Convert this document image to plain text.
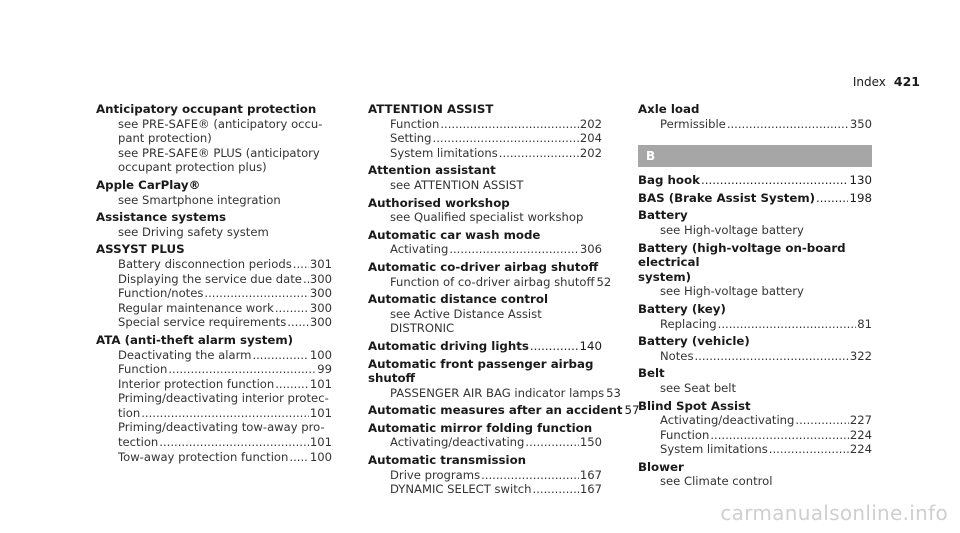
Index 421
Anticipatory occupant protection
see PRE-SAFE® (anticipatory occu-
pant protection)
see PRE-SAFE® PLUS (anticipatory
occupant protection plus)
Apple CarPlay®
see Smartphone integration
Assistance systems
see Driving safety system
ASSYST PLUS
Battery disconnection periods ..... 301
Displaying the service due date ..... 300
Function/notes .....	300
Regular maintenance work .....	300
Special service requirements ..... 300
ATA (anti-theft alarm system)
Deactivating the alarm .....	100
Function .....	99
Interior protection function .....	101
Priming/deactivating interior protec-
tion .....	101
Priming/deactivating tow-away pro-
tection .....	101
Tow-away protection function ..... 100
ATTENTION ASSIST
Function .....	202
Setting .....	204
System limitations .....	202
Attention assistant
see ATTENTION ASSIST
Authorised workshop
see Qualified specialist workshop
Automatic car wash mode
Activating .....	306
Automatic co-driver airbag shutoff
Function of co-driver airbag shutoff 52
Automatic distance control
see Active Distance Assist DISTRONIC
Automatic driving lights .....	140
Automatic front passenger airbag shutoff
PASSENGER AIR BAG indicator lamps 53
Automatic measures after an accident 57
Automatic mirror folding function
Activating/deactivating .....	150
Automatic transmission
Drive programs .....	167
DYNAMIC SELECT switch .....	167
Axle load
Permissible .....	350
B
Bag hook .....	130
BAS (Brake Assist System) .....	198
Battery
see High-voltage battery
Battery (high-voltage on-board electrical
system)
see High-voltage battery
Battery (key)
Replacing .....	81
Battery (vehicle)
Notes .....	322
Belt
see Seat belt
Blind Spot Assist
Activating/deactivating .....	227
Function .....	224
System limitations .....	224
Blower
see Climate control
carmanualsonline.info
